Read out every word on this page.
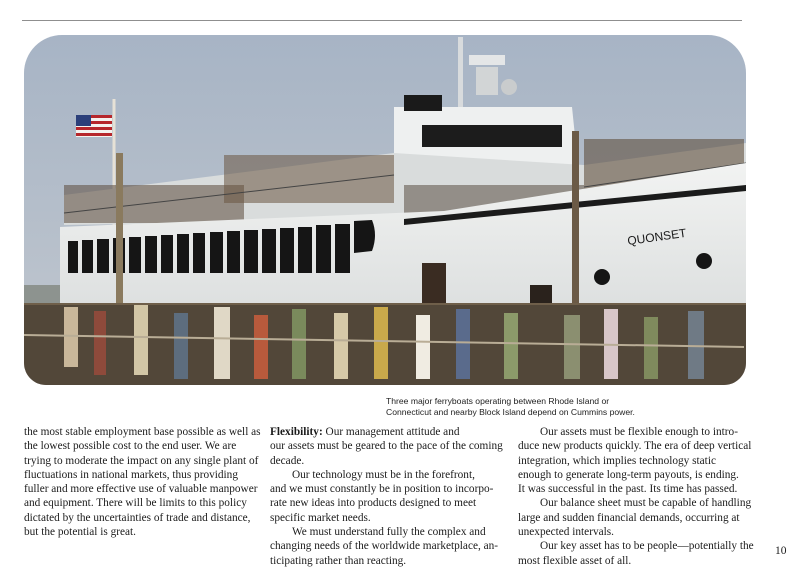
QUONSET
Three major ferryboats operating between Rhode Island or
Connecticut and nearby Block Island depend on Cummins power.
the most stable employment base possible as well as
the lowest possible cost to the end user. We are
trying to moderate the impact on any single plant of
fluctuations in national markets, thus providing
fuller and more effective use of valuable manpower
and equipment. There will be limits to this policy
dictated by the uncertainties of trade and distance,
but the potential is great.
Flexibility: Our management attitude and
our assets must be geared to the pace of the coming
decade.
Our technology must be in the forefront,
and we must constantly be in position to incorpo-
rate new ideas into products designed to meet
specific market needs.
We must understand fully the complex and
changing needs of the worldwide marketplace, an-
ticipating rather than reacting.
Our assets must be flexible enough to intro-
duce new products quickly. The era of deep vertical
integration, which implies technology static
enough to generate long-term payouts, is ending.
It was successful in the past. Its time has passed.
Our balance sheet must be capable of handling
large and sudden financial demands, occurring at
unexpected intervals.
Our key asset has to be people—potentially the
most flexible asset of all.
10
